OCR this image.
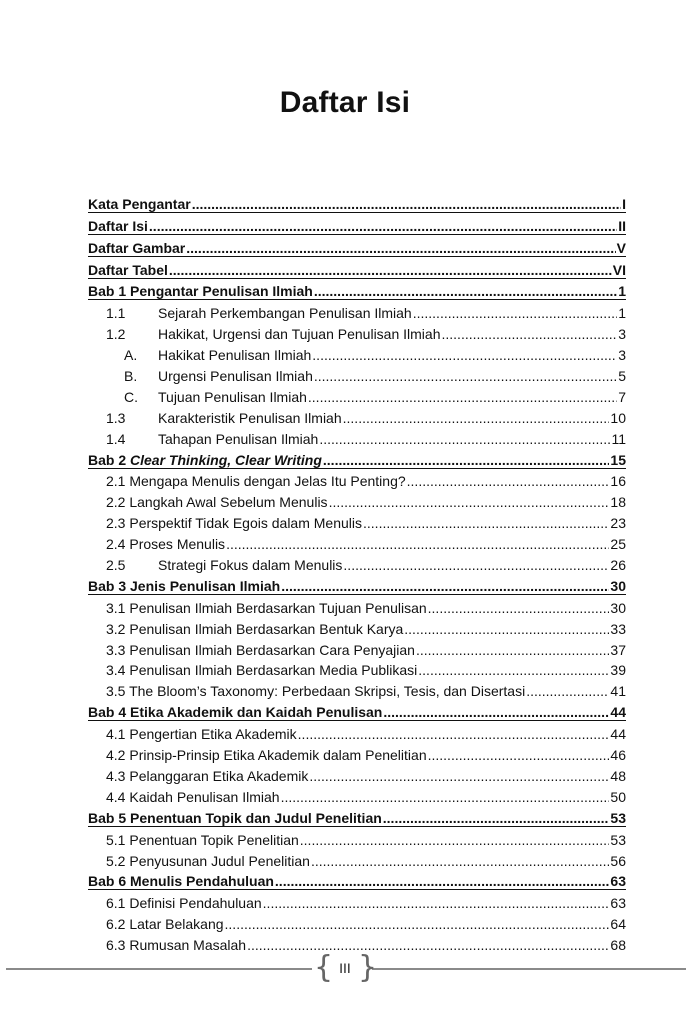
Daftar Isi
Kata Pengantar .....	I
Daftar Isi .....	II
Daftar Gambar .....	V
Daftar Tabel .....	VI
Bab 1 Pengantar Penulisan Ilmiah .....	1
1.1	Sejarah Perkembangan Penulisan Ilmiah .....	1
1.2	Hakikat, Urgensi dan Tujuan Penulisan Ilmiah .....	3
A.	Hakikat Penulisan Ilmiah .....	3
B.	Urgensi Penulisan Ilmiah .....	5
C.	Tujuan Penulisan Ilmiah .....	7
1.3	Karakteristik Penulisan Ilmiah .....	10
1.4	Tahapan Penulisan Ilmiah .....	11
Bab 2 Clear Thinking, Clear Writing .....	15
2.1 Mengapa Menulis dengan Jelas Itu Penting? .....	16
2.2 Langkah Awal Sebelum Menulis .....	18
2.3 Perspektif Tidak Egois dalam Menulis .....	23
2.4 Proses Menulis .....	25
2.5	Strategi Fokus dalam Menulis .....	26
Bab 3 Jenis Penulisan Ilmiah .....	30
3.1 Penulisan Ilmiah Berdasarkan Tujuan Penulisan .....	30
3.2 Penulisan Ilmiah Berdasarkan Bentuk Karya .....	33
3.3 Penulisan Ilmiah Berdasarkan Cara Penyajian .....	37
3.4 Penulisan Ilmiah Berdasarkan Media Publikasi .....	39
3.5 The Bloom’s Taxonomy: Perbedaan Skripsi, Tesis, dan Disertasi .....	41
Bab 4 Etika Akademik dan Kaidah Penulisan .....	44
4.1 Pengertian Etika Akademik .....	44
4.2 Prinsip-Prinsip Etika Akademik dalam Penelitian .....	46
4.3 Pelanggaran Etika Akademik .....	48
4.4 Kaidah Penulisan Ilmiah .....	50
Bab 5 Penentuan Topik dan Judul Penelitian .....	53
5.1 Penentuan Topik Penelitian .....	53
5.2 Penyusunan Judul Penelitian .....	56
Bab 6 Menulis Pendahuluan .....	63
6.1 Definisi Pendahuluan .....	63
6.2 Latar Belakang .....	64
6.3 Rumusan Masalah .....	68
{ }
III
